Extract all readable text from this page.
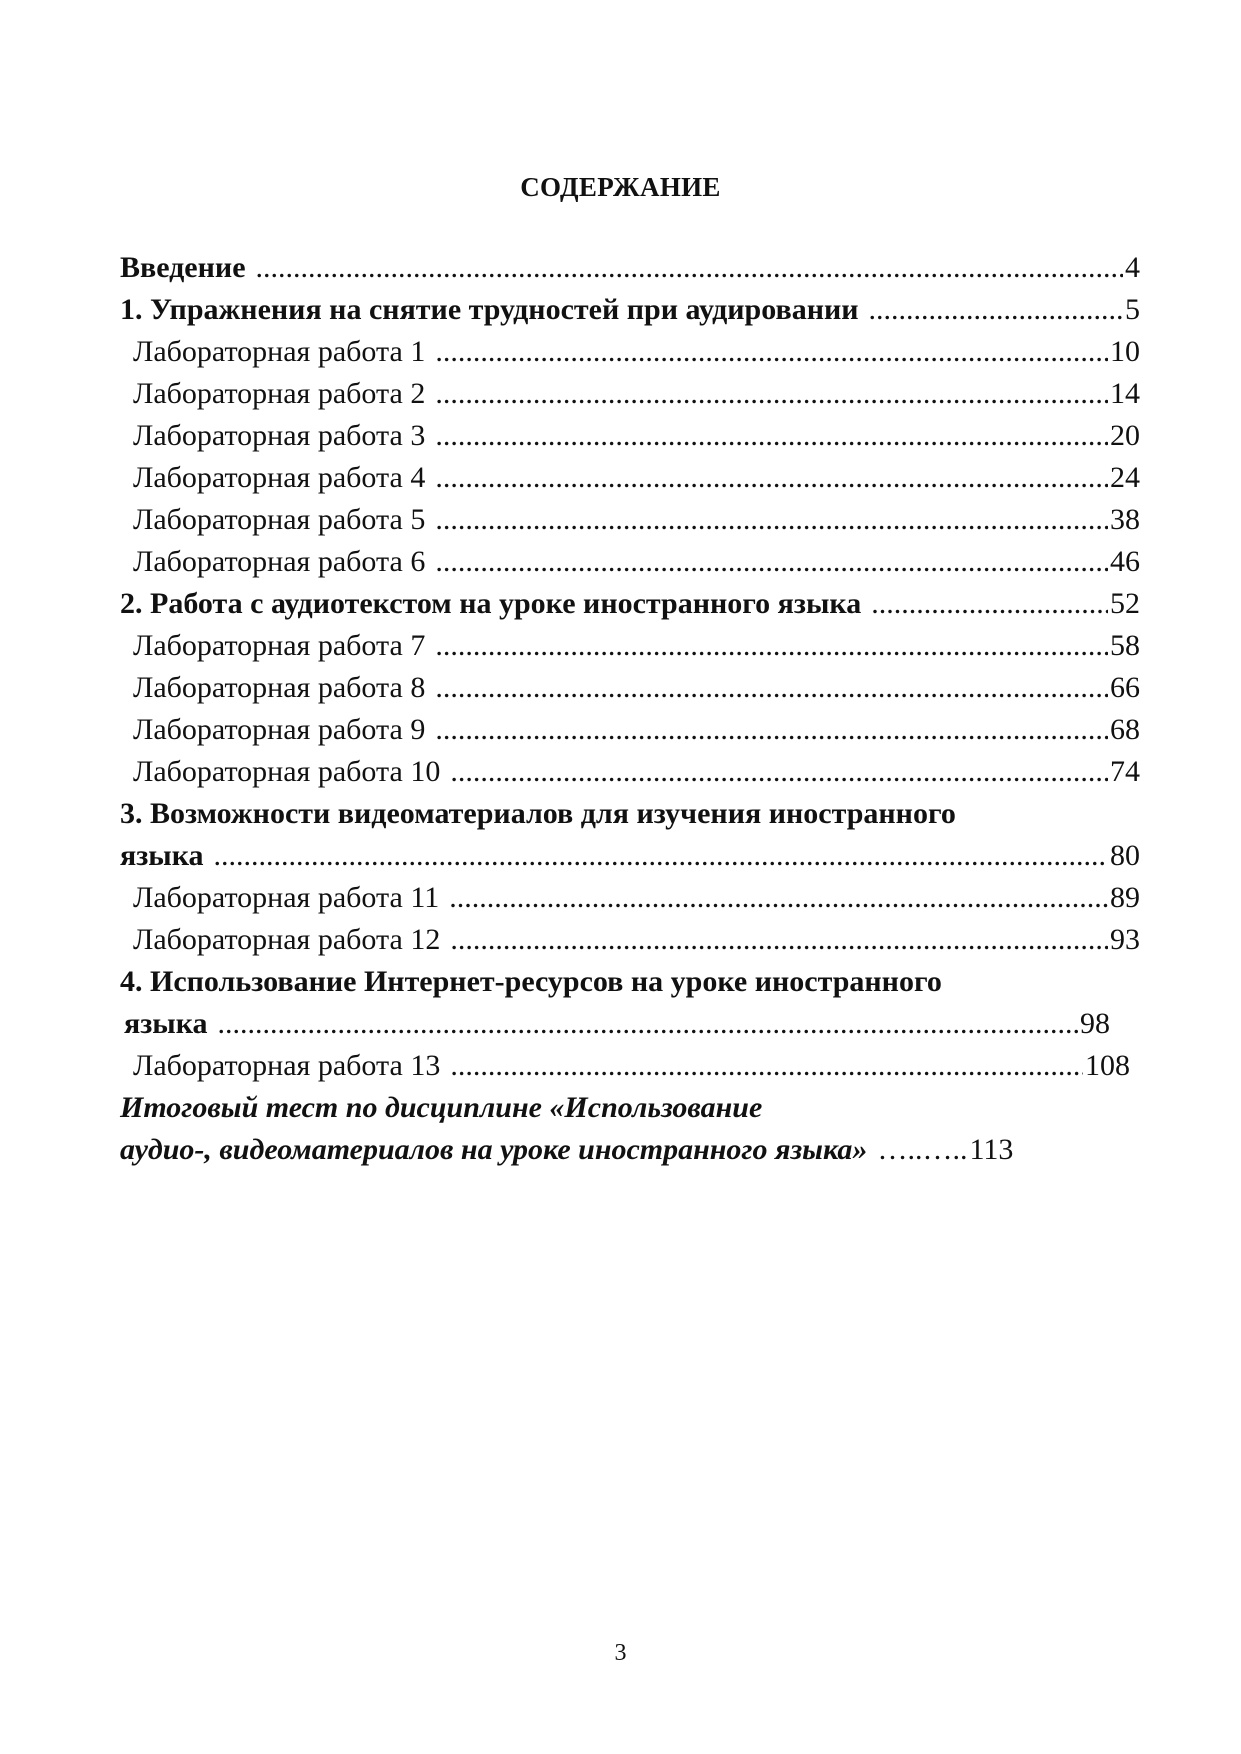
СОДЕРЖАНИЕ
Введение .....	4
1. Упражнения на снятие трудностей при аудировании .....	5
Лабораторная работа 1 .....	10
Лабораторная работа 2 .....	14
Лабораторная работа 3 .....	20
Лабораторная работа 4 .....	24
Лабораторная работа 5 .....	38
Лабораторная работа 6 .....	46
2. Работа с аудиотекстом на уроке иностранного языка .....	52
Лабораторная работа 7 .....	58
Лабораторная работа 8 .....	66
Лабораторная работа 9 .....	68
Лабораторная работа 10 .....	74
3. Возможности видеоматериалов для изучения иностранного
языка .....	80
Лабораторная работа 11 .....	89
Лабораторная работа 12 .....	93
4. Использование Интернет-ресурсов на уроке иностранного
языка .....	98
Лабораторная работа 13 .....	108
Итоговый тест по дисциплине «Использование
аудио-, видеоматериалов на уроке иностранного языка» …..….. 113
3
